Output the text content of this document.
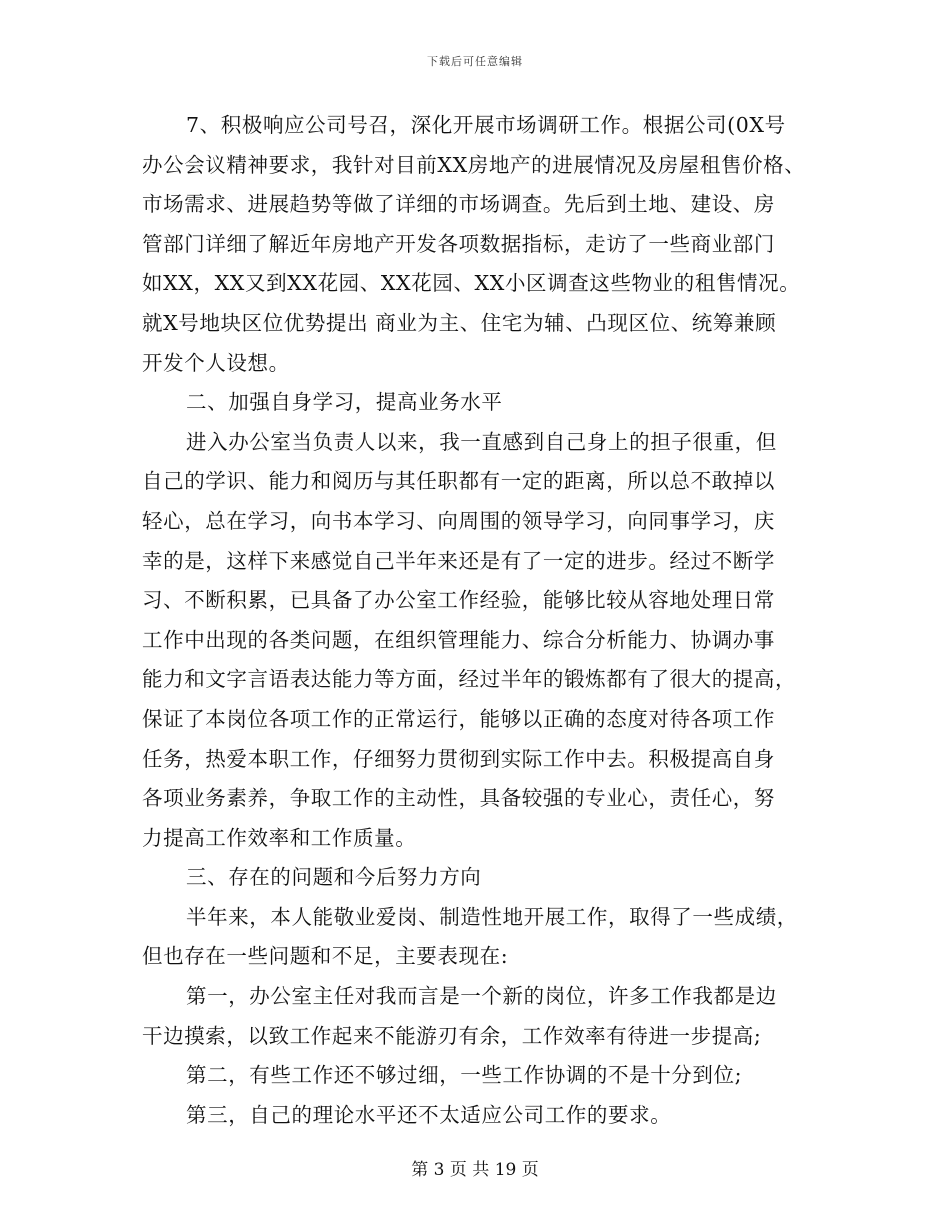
下载后可任意编辑
7、积极响应公司号召，深化开展市场调研工作。根据公司(0X号
办公会议精神要求，我针对目前XX房地产的进展情况及房屋租售价格、
市场需求、进展趋势等做了详细的市场调查。先后到土地、建设、房
管部门详细了解近年房地产开发各项数据指标，走访了一些商业部门
如XX，XX又到XX花园、XX花园、XX小区调查这些物业的租售情况。
就X号地块区位优势提出 商业为主、住宅为辅、凸现区位、统筹兼顾
开发个人设想。
二、加强自身学习，提高业务水平
进入办公室当负责人以来，我一直感到自己身上的担子很重，但
自己的学识、能力和阅历与其任职都有一定的距离，所以总不敢掉以
轻心，总在学习，向书本学习、向周围的领导学习，向同事学习，庆
幸的是，这样下来感觉自己半年来还是有了一定的进步。经过不断学
习、不断积累，已具备了办公室工作经验，能够比较从容地处理日常
工作中出现的各类问题，在组织管理能力、综合分析能力、协调办事
能力和文字言语表达能力等方面，经过半年的锻炼都有了很大的提高，
保证了本岗位各项工作的正常运行，能够以正确的态度对待各项工作
任务，热爱本职工作，仔细努力贯彻到实际工作中去。积极提高自身
各项业务素养，争取工作的主动性，具备较强的专业心，责任心，努
力提高工作效率和工作质量。
三、存在的问题和今后努力方向
半年来，本人能敬业爱岗、制造性地开展工作，取得了一些成绩，
但也存在一些问题和不足，主要表现在:
第一，办公室主任对我而言是一个新的岗位，许多工作我都是边
干边摸索，以致工作起来不能游刃有余，工作效率有待进一步提高;
第二，有些工作还不够过细，一些工作协调的不是十分到位;
第三，自己的理论水平还不太适应公司工作的要求。
第 3 页 共 19 页
